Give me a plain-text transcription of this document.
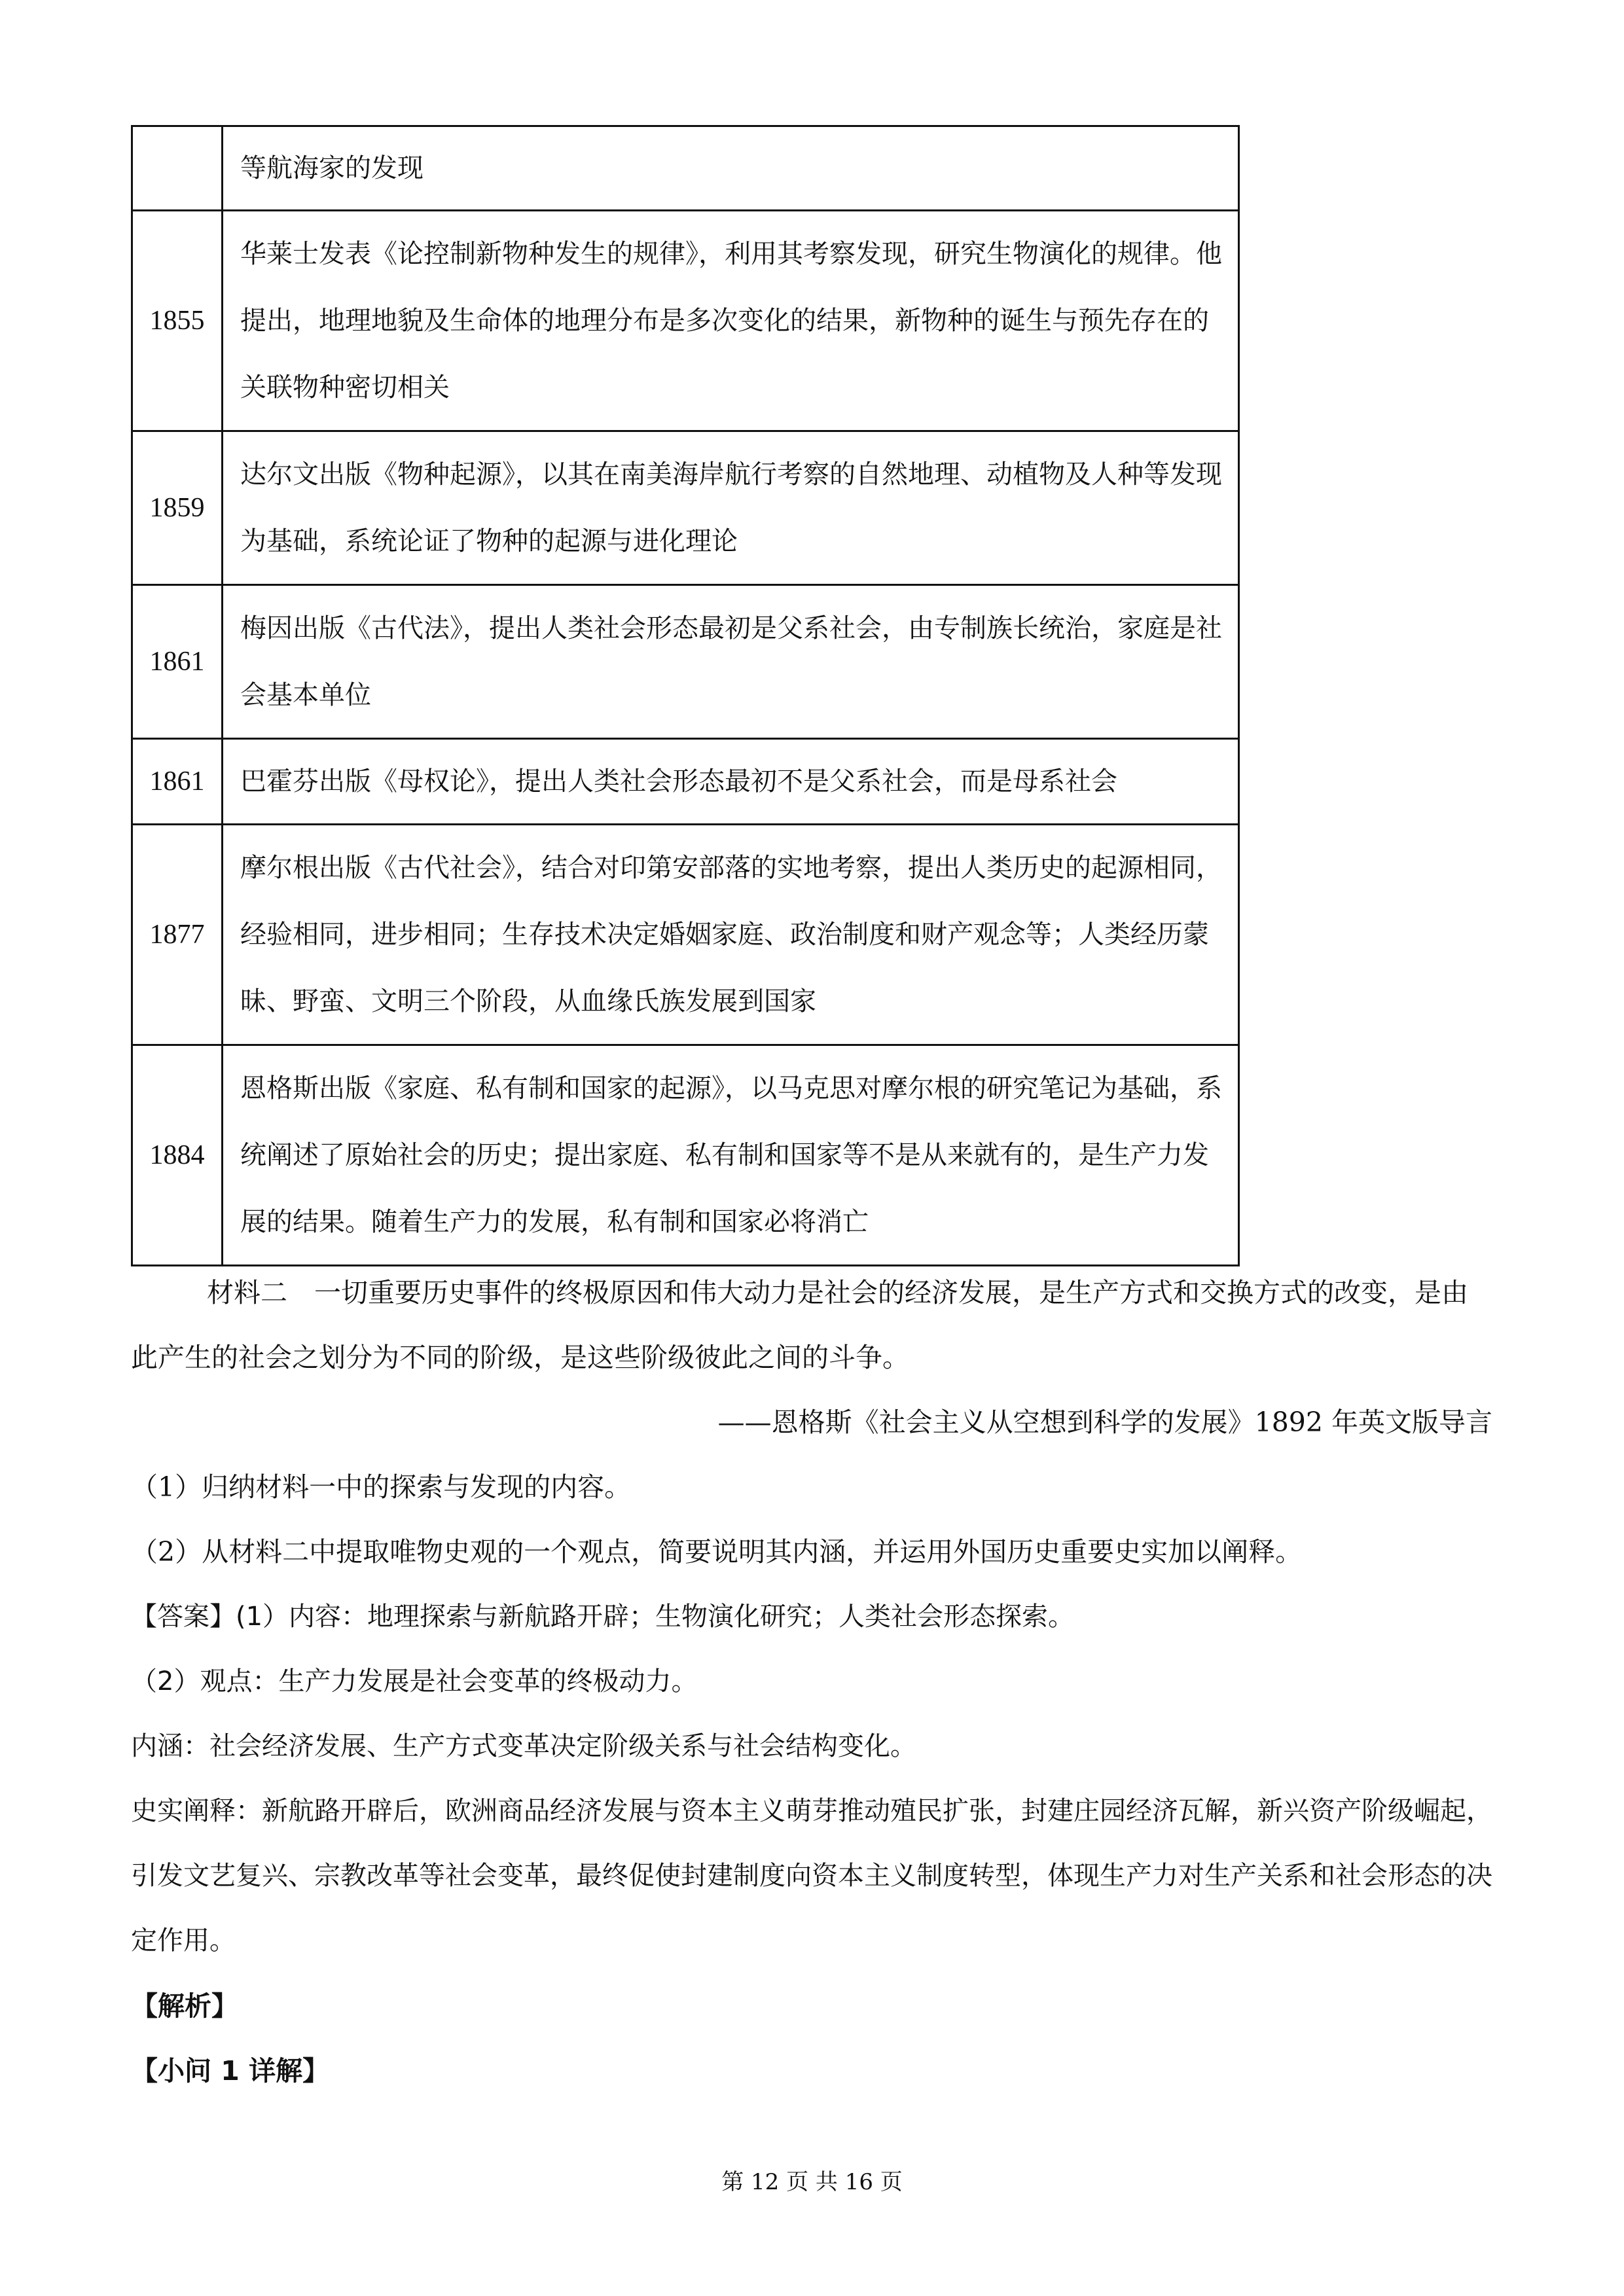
	等航海家的发现
1855	华莱士发表《论控制新物种发生的规律》，利用其考察发现，研究生物演化的规律。他提出，地理地貌及生命体的地理分布是多次变化的结果，新物种的诞生与预先存在的关联物种密切相关
1859	达尔文出版《物种起源》，以其在南美海岸航行考察的自然地理、动植物及人种等发现为基础，系统论证了物种的起源与进化理论
1861	梅因出版《古代法》，提出人类社会形态最初是父系社会，由专制族长统治，家庭是社会基本单位
1861	巴霍芬出版《母权论》，提出人类社会形态最初不是父系社会，而是母系社会
1877	摩尔根出版《古代社会》，结合对印第安部落的实地考察，提出人类历史的起源相同，经验相同，进步相同；生存技术决定婚姻家庭、政治制度和财产观念等；人类经历蒙昧、野蛮、文明三个阶段，从血缘氏族发展到国家
1884	恩格斯出版《家庭、私有制和国家的起源》，以马克思对摩尔根的研究笔记为基础，系统阐述了原始社会的历史；提出家庭、私有制和国家等不是从来就有的，是生产力发展的结果。随着生产力的发展，私有制和国家必将消亡

材料二　一切重要历史事件的终极原因和伟大动力是社会的经济发展，是生产方式和交换方式的改变，是由此产生的社会之划分为不同的阶级，是这些阶级彼此之间的斗争。

——恩格斯《社会主义从空想到科学的发展》1892 年英文版导言

（1）归纳材料一中的探索与发现的内容。

（2）从材料二中提取唯物史观的一个观点，简要说明其内涵，并运用外国历史重要史实加以阐释。

【答案】(1）内容：地理探索与新航路开辟；生物演化研究；人类社会形态探索。

（2）观点：生产力发展是社会变革的终极动力。

内涵：社会经济发展、生产方式变革决定阶级关系与社会结构变化。

史实阐释：新航路开辟后，欧洲商品经济发展与资本主义萌芽推动殖民扩张，封建庄园经济瓦解，新兴资产阶级崛起，引发文艺复兴、宗教改革等社会变革，最终促使封建制度向资本主义制度转型，体现生产力对生产关系和社会形态的决定作用。

【解析】

【小问 1 详解】

第 12 页 共 16 页
